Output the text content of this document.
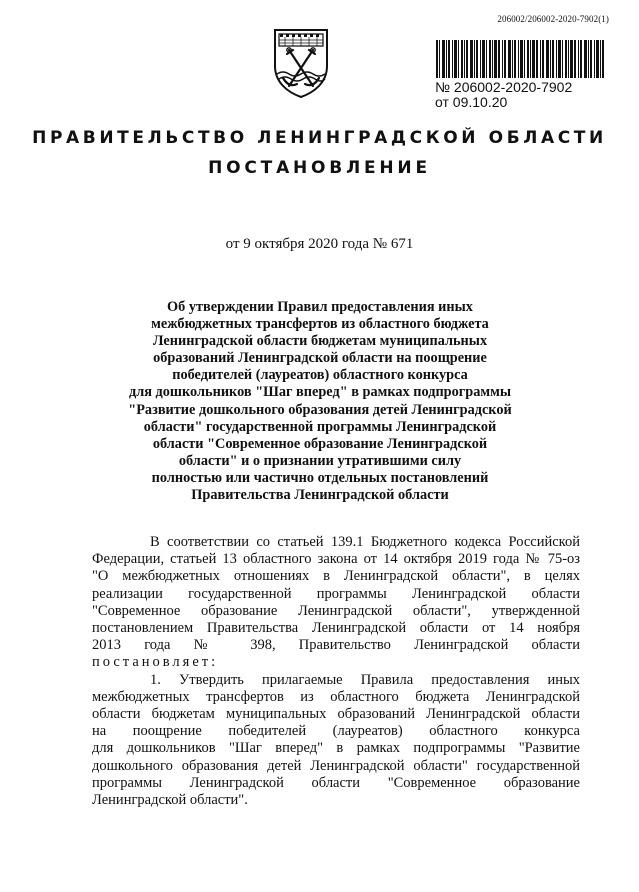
206002/206002-2020-7902(1)
№ 206002-2020-7902
от 09.10.20
ПРАВИТЕЛЬСТВО ЛЕНИНГРАДСКОЙ ОБЛАСТИ
ПОСТАНОВЛЕНИЕ
от 9 октября 2020 года № 671
Об утверждении Правил предоставления иных
межбюджетных трансфертов из областного бюджета
Ленинградской области бюджетам муниципальных
образований Ленинградской области на поощрение
победителей (лауреатов) областного конкурса
для дошкольников "Шаг вперед" в рамках подпрограммы
"Развитие дошкольного образования детей Ленинградской
области" государственной программы Ленинградской
области "Современное образование Ленинградской
области" и о признании утратившими силу
полностью или частично отдельных постановлений
Правительства Ленинградской области
В соответствии со статьей 139.1 Бюджетного кодекса Российской
Федерации, статьей 13 областного закона от 14 октября 2019 года № 75-оз
"О межбюджетных отношениях в Ленинградской области", в целях
реализации государственной программы Ленинградской области
"Современное образование Ленинградской области", утвержденной
постановлением Правительства Ленинградской области от 14 ноября
2013 года № 398, Правительство Ленинградской области
постановляет:
1. Утвердить прилагаемые Правила предоставления иных
межбюджетных трансфертов из областного бюджета Ленинградской
области бюджетам муниципальных образований Ленинградской области
на поощрение победителей (лауреатов) областного конкурса
для дошкольников "Шаг вперед" в рамках подпрограммы "Развитие
дошкольного образования детей Ленинградской области" государственной
программы Ленинградской области "Современное образование
Ленинградской области".
